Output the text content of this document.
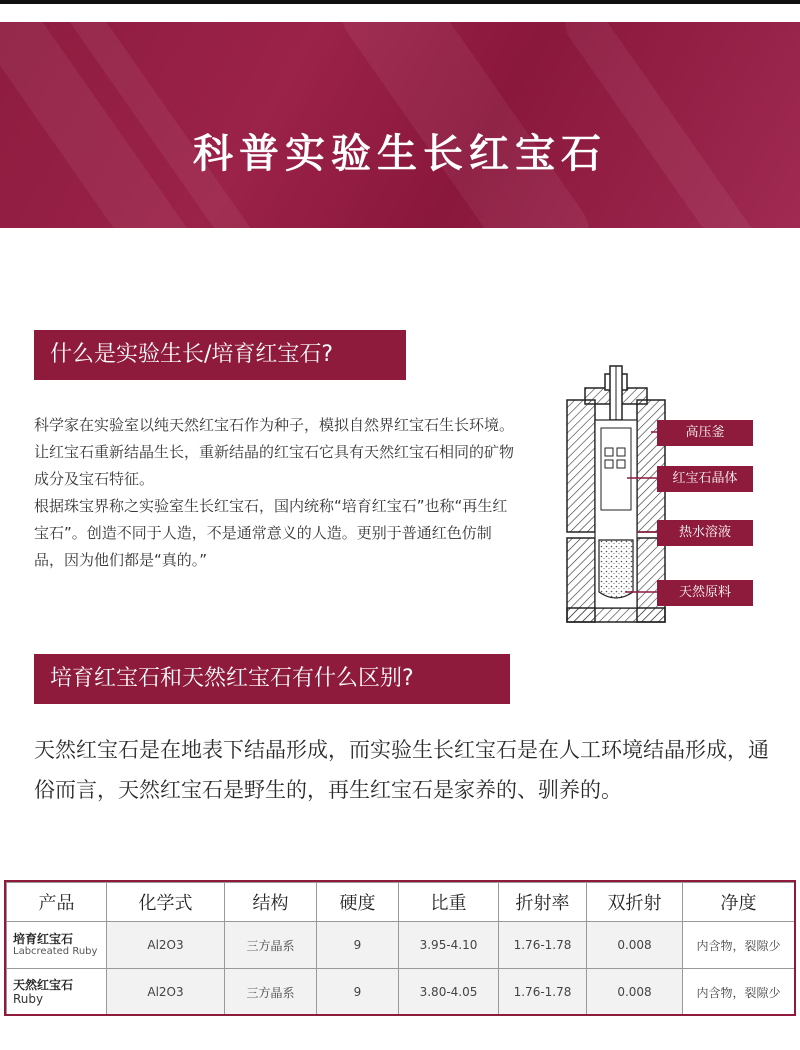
科普实验生长红宝石
什么是实验生长/培育红宝石?

科学家在实验室以纯天然红宝石作为种子，模拟自然界红宝石生长环境。让红宝石重新结晶生长，重新结晶的红宝石它具有天然红宝石相同的矿物成分及宝石特征。

根据珠宝界称之实验室生长红宝石，国内统称“培育红宝石”也称“再生红宝石”。创造不同于人造，不是通常意义的人造。更别于普通红色仿制品，因为他们都是“真的。”

高压釜
红宝石晶体
热水溶液
天然原料
培育红宝石和天然红宝石有什么区别?
天然红宝石是在地表下结晶形成，而实验生长红宝石是在人工环境结晶形成，通俗而言，天然红宝石是野生的，再生红宝石是家养的、驯养的。
产品	化学式	结构	硬度	比重	折射率	双折射	净度

培育红宝石
Labcreated Ruby	Al2O3	三方晶系	9	3.95-4.10	1.76-1.78	0.008	内含物，裂隙少

天然红宝石
Ruby	Al2O3	三方晶系	9	3.80-4.05	1.76-1.78	0.008	内含物，裂隙少
